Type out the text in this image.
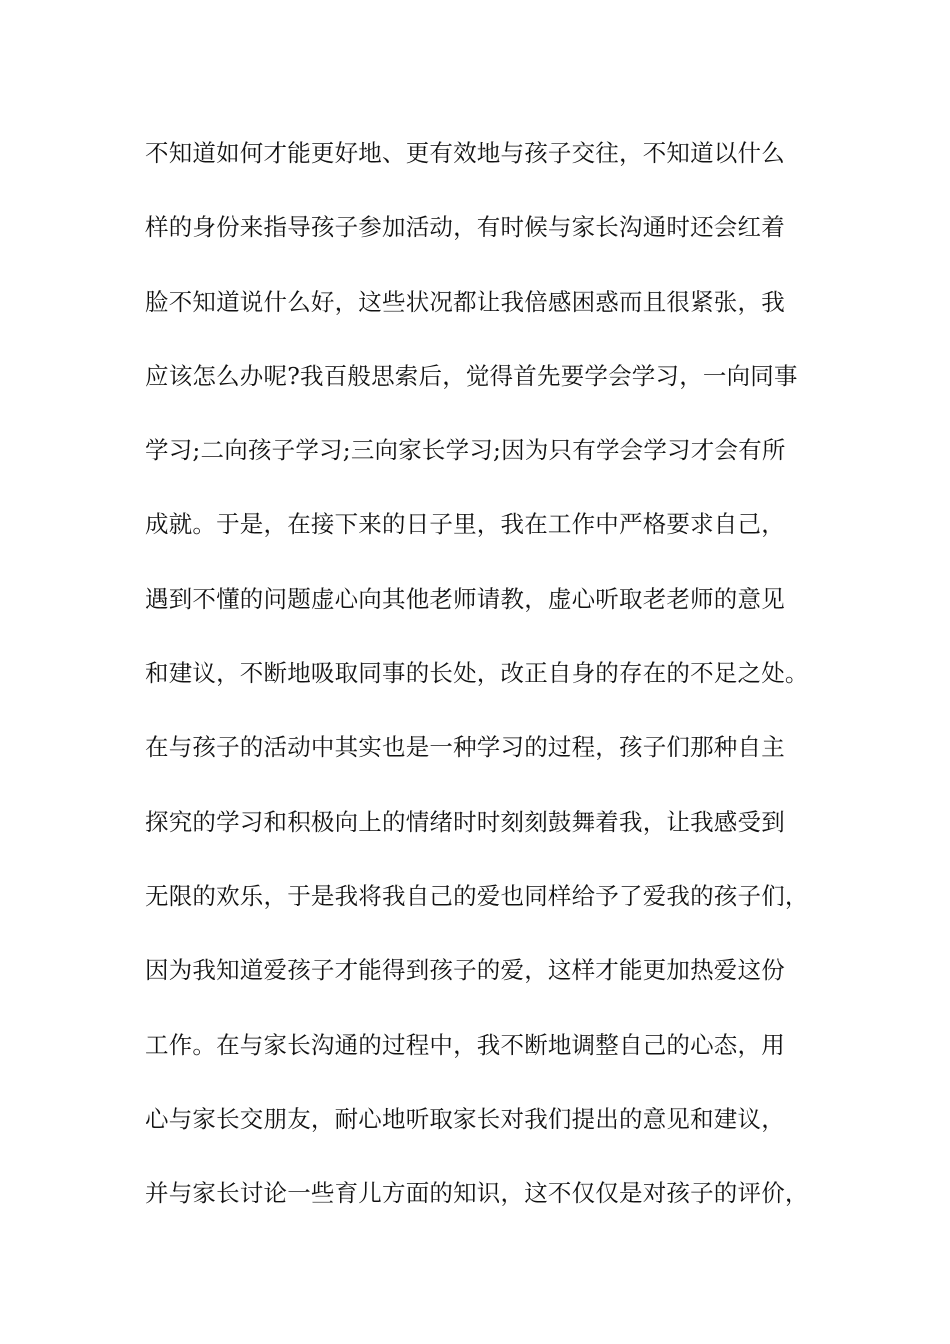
不知道如何才能更好地、更有效地与孩子交往，不知道以什么
样的身份来指导孩子参加活动，有时候与家长沟通时还会红着
脸不知道说什么好，这些状况都让我倍感困惑而且很紧张，我
应该怎么办呢?我百般思索后，觉得首先要学会学习，一向同事
学习;二向孩子学习;三向家长学习;因为只有学会学习才会有所
成就。于是，在接下来的日子里，我在工作中严格要求自己，
遇到不懂的问题虚心向其他老师请教，虚心听取老老师的意见
和建议，不断地吸取同事的长处，改正自身的存在的不足之处。
在与孩子的活动中其实也是一种学习的过程，孩子们那种自主
探究的学习和积极向上的情绪时时刻刻鼓舞着我，让我感受到
无限的欢乐，于是我将我自己的爱也同样给予了爱我的孩子们，
因为我知道爱孩子才能得到孩子的爱，这样才能更加热爱这份
工作。在与家长沟通的过程中，我不断地调整自己的心态，用
心与家长交朋友，耐心地听取家长对我们提出的意见和建议，
并与家长讨论一些育儿方面的知识，这不仅仅是对孩子的评价，
